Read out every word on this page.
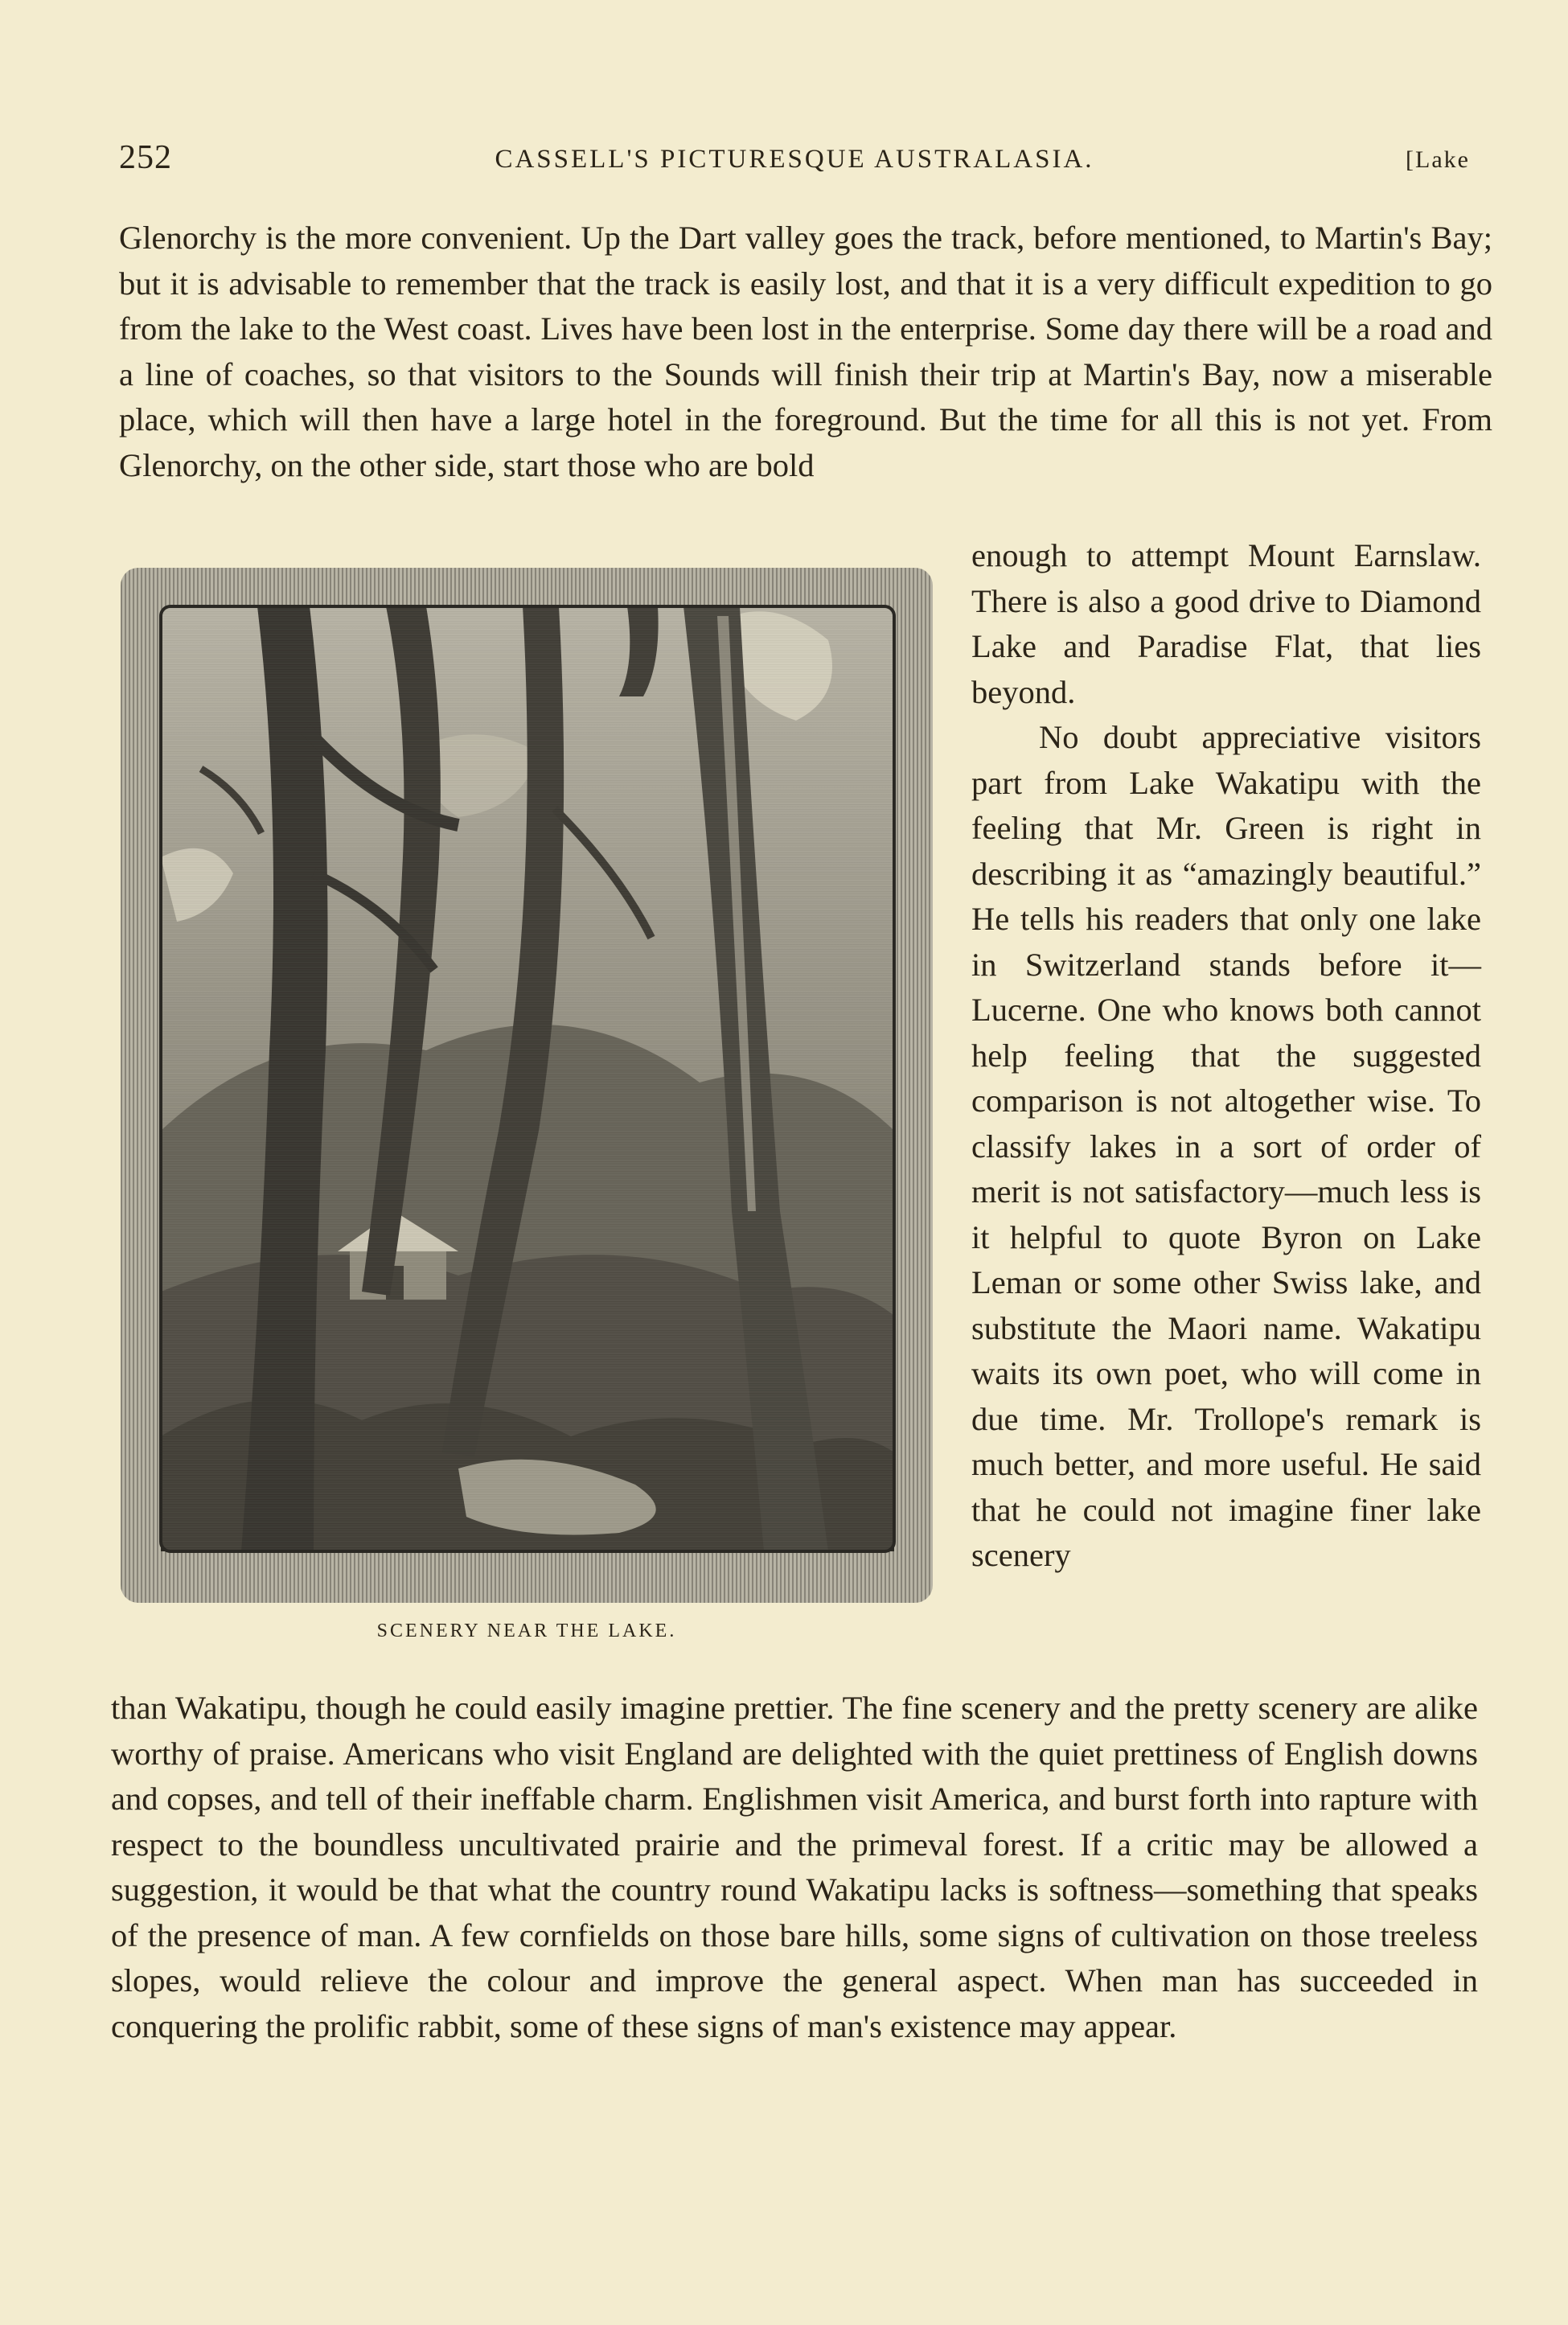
252	CASSELL'S PICTURESQUE AUSTRALASIA.	[Lake

Glenorchy is the more convenient. Up the Dart valley goes the track, before mentioned, to Martin's Bay; but it is advisable to remember that the track is easily lost, and that it is a very difficult expedition to go from the lake to the West coast. Lives have been lost in the enterprise. Some day there will be a road and a line of coaches, so that visitors to the Sounds will finish their trip at Martin's Bay, now a miserable place, which will then have a large hotel in the foreground. But the time for all this is not yet. From Glenorchy, on the other side, start those who are bold

SCENERY NEAR THE LAKE.

enough to attempt Mount Earnslaw. There is also a good drive to Diamond Lake and Paradise Flat, that lies beyond.

No doubt appreciative visitors part from Lake Wakatipu with the feeling that Mr. Green is right in describing it as “amazingly beautiful.” He tells his readers that only one lake in Switzerland stands before it—Lucerne. One who knows both cannot help feeling that the suggested comparison is not altogether wise. To classify lakes in a sort of order of merit is not satisfactory—much less is it helpful to quote Byron on Lake Leman or some other Swiss lake, and substitute the Maori name. Wakatipu waits its own poet, who will come in due time. Mr. Trollope's remark is much better, and more useful. He said that he could not imagine finer lake scenery

than Wakatipu, though he could easily imagine prettier. The fine scenery and the pretty scenery are alike worthy of praise. Americans who visit England are delighted with the quiet prettiness of English downs and copses, and tell of their ineffable charm. Englishmen visit America, and burst forth into rapture with respect to the boundless uncultivated prairie and the primeval forest. If a critic may be allowed a suggestion, it would be that what the country round Wakatipu lacks is softness—something that speaks of the presence of man. A few cornfields on those bare hills, some signs of cultivation on those treeless slopes, would relieve the colour and improve the general aspect. When man has succeeded in conquering the prolific rabbit, some of these signs of man's existence may appear.
